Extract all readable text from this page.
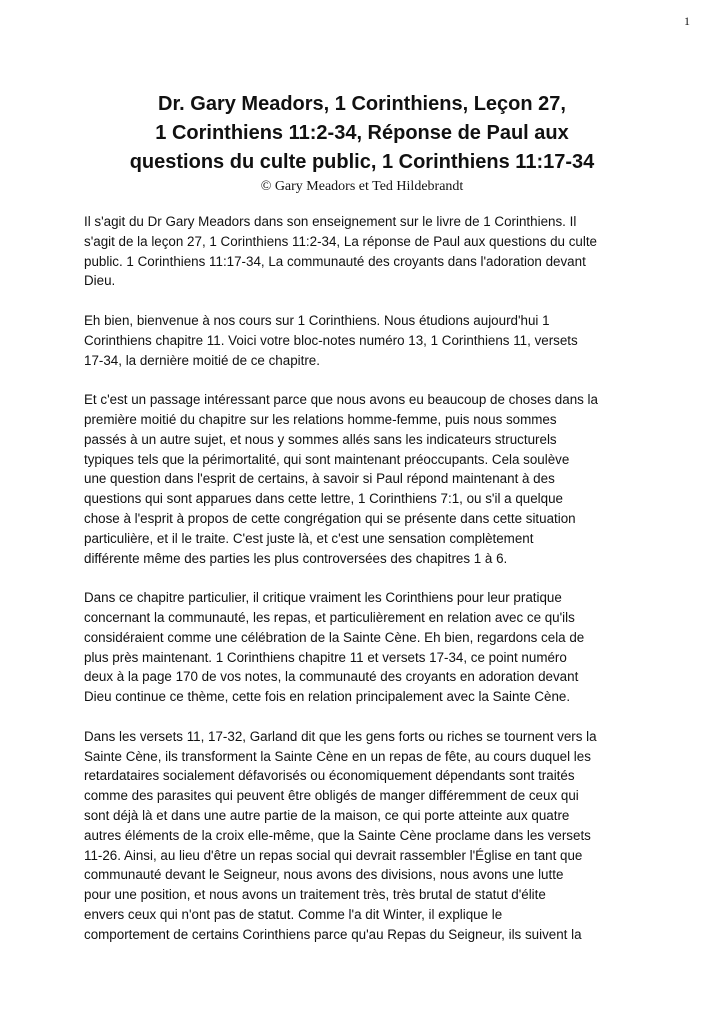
1
Dr. Gary Meadors, 1 Corinthiens, Leçon 27,
1 Corinthiens 11:2-34, Réponse de Paul aux
questions du culte public, 1 Corinthiens 11:17-34
© Gary Meadors et Ted Hildebrandt
Il s'agit du Dr Gary Meadors dans son enseignement sur le livre de 1 Corinthiens. Il
s'agit de la leçon 27, 1 Corinthiens 11:2-34, La réponse de Paul aux questions du culte
public. 1 Corinthiens 11:17-34, La communauté des croyants dans l'adoration devant
Dieu.
Eh bien, bienvenue à nos cours sur 1 Corinthiens. Nous étudions aujourd'hui 1
Corinthiens chapitre 11. Voici votre bloc-notes numéro 13, 1 Corinthiens 11, versets
17-34, la dernière moitié de ce chapitre.
Et c'est un passage intéressant parce que nous avons eu beaucoup de choses dans la
première moitié du chapitre sur les relations homme-femme, puis nous sommes
passés à un autre sujet, et nous y sommes allés sans les indicateurs structurels
typiques tels que la périmortalité, qui sont maintenant préoccupants. Cela soulève
une question dans l'esprit de certains, à savoir si Paul répond maintenant à des
questions qui sont apparues dans cette lettre, 1 Corinthiens 7:1, ou s'il a quelque
chose à l'esprit à propos de cette congrégation qui se présente dans cette situation
particulière, et il le traite. C'est juste là, et c'est une sensation complètement
différente même des parties les plus controversées des chapitres 1 à 6.
Dans ce chapitre particulier, il critique vraiment les Corinthiens pour leur pratique
concernant la communauté, les repas, et particulièrement en relation avec ce qu'ils
considéraient comme une célébration de la Sainte Cène. Eh bien, regardons cela de
plus près maintenant. 1 Corinthiens chapitre 11 et versets 17-34, ce point numéro
deux à la page 170 de vos notes, la communauté des croyants en adoration devant
Dieu continue ce thème, cette fois en relation principalement avec la Sainte Cène.
Dans les versets 11, 17-32, Garland dit que les gens forts ou riches se tournent vers la
Sainte Cène, ils transforment la Sainte Cène en un repas de fête, au cours duquel les
retardataires socialement défavorisés ou économiquement dépendants sont traités
comme des parasites qui peuvent être obligés de manger différemment de ceux qui
sont déjà là et dans une autre partie de la maison, ce qui porte atteinte aux quatre
autres éléments de la croix elle-même, que la Sainte Cène proclame dans les versets
11-26. Ainsi, au lieu d'être un repas social qui devrait rassembler l'Église en tant que
communauté devant le Seigneur, nous avons des divisions, nous avons une lutte
pour une position, et nous avons un traitement très, très brutal de statut d'élite
envers ceux qui n'ont pas de statut. Comme l'a dit Winter, il explique le
comportement de certains Corinthiens parce qu'au Repas du Seigneur, ils suivent la
